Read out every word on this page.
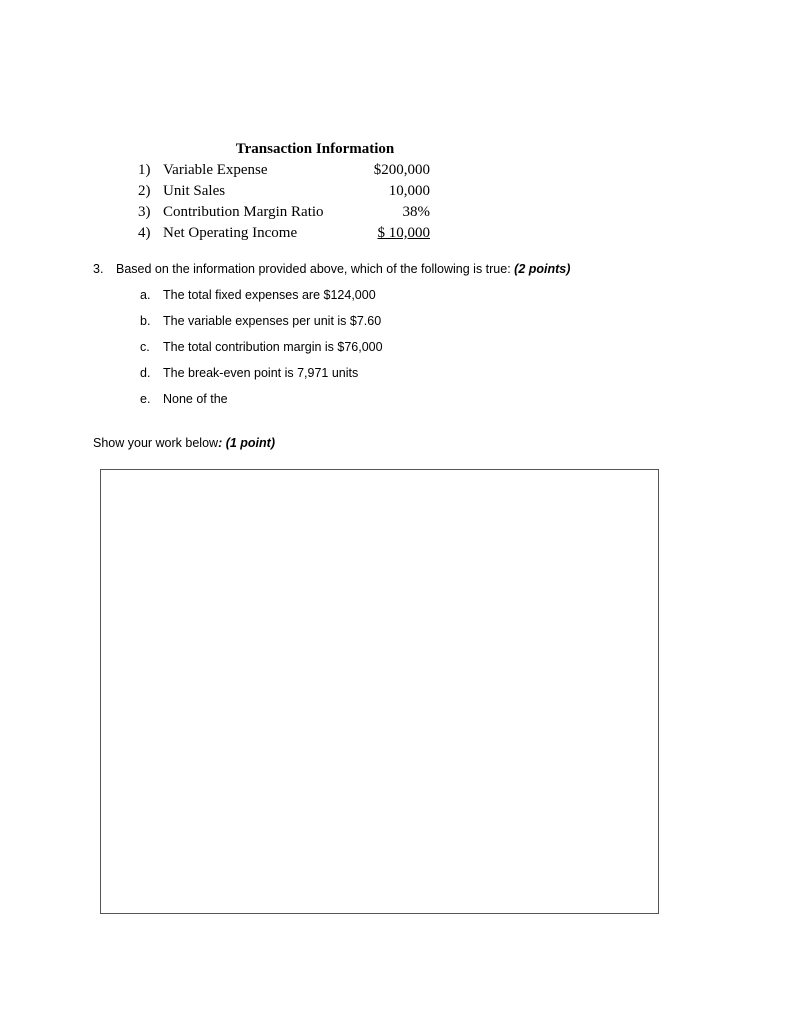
Transaction Information
1) Variable Expense	$200,000
2) Unit Sales	10,000
3) Contribution Margin Ratio	38%
4) Net Operating Income	$ 10,000
3. Based on the information provided above, which of the following is true: (2 points)
a. The total fixed expenses are $124,000
b. The variable expenses per unit is $7.60
c. The total contribution margin is $76,000
d. The break-even point is 7,971 units
e. None of the
Show your work below: (1 point)
